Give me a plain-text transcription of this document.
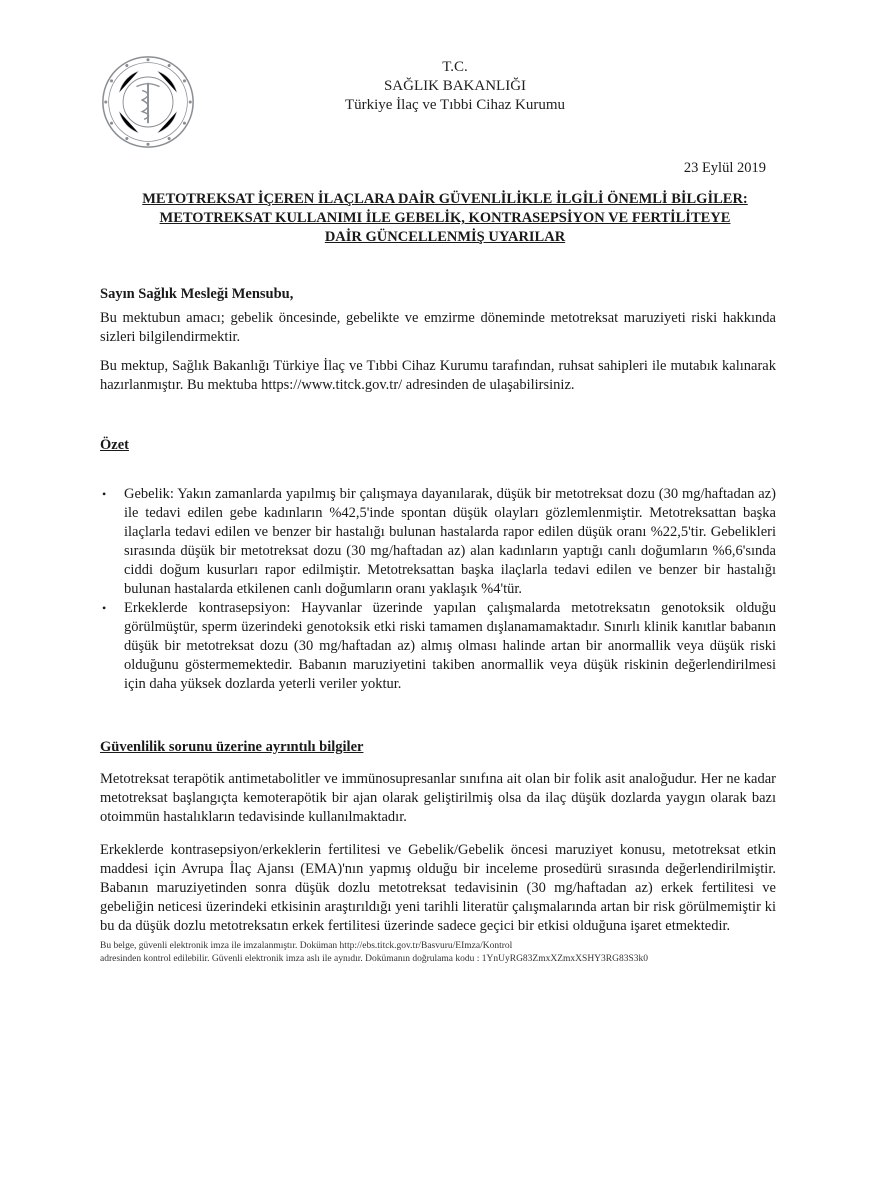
T.C.
SAĞLIK BAKANLIĞI
Türkiye İlaç ve Tıbbi Cihaz Kurumu
23 Eylül 2019
METOTREKSAT İÇEREN İLAÇLARA DAİR GÜVENLİLİKLE İLGİLİ ÖNEMLİ BİLGİLER:
METOTREKSAT KULLANIMI İLE GEBELİK, KONTRASEPSİYON VE FERTİLİTEYE
DAİR GÜNCELLENMİŞ UYARILAR
Sayın Sağlık Mesleği Mensubu,
Bu mektubun amacı; gebelik öncesinde, gebelikte ve emzirme döneminde metotreksat maruziyeti riski hakkında sizleri bilgilendirmektir.
Bu mektup, Sağlık Bakanlığı Türkiye İlaç ve Tıbbi Cihaz Kurumu tarafından, ruhsat sahipleri ile mutabık kalınarak hazırlanmıştır. Bu mektuba https://www.titck.gov.tr/ adresinden de ulaşabilirsiniz.
Özet
• Gebelik: Yakın zamanlarda yapılmış bir çalışmaya dayanılarak, düşük bir metotreksat dozu (30 mg/haftadan az) ile tedavi edilen gebe kadınların %42,5'inde spontan düşük olayları gözlemlenmiştir. Metotreksattan başka ilaçlarla tedavi edilen ve benzer bir hastalığı bulunan hastalarda rapor edilen düşük oranı %22,5'tir. Gebelikleri sırasında düşük bir metotreksat dozu (30 mg/haftadan az) alan kadınların yaptığı canlı doğumların %6,6'sında ciddi doğum kusurları rapor edilmiştir. Metotreksattan başka ilaçlarla tedavi edilen ve benzer bir hastalığı bulunan hastalarda etkilenen canlı doğumların oranı yaklaşık %4'tür.
• Erkeklerde kontrasepsiyon: Hayvanlar üzerinde yapılan çalışmalarda metotreksatın genotoksik olduğu görülmüştür, sperm üzerindeki genotoksik etki riski tamamen dışlanamamaktadır. Sınırlı klinik kanıtlar babanın düşük bir metotreksat dozu (30 mg/haftadan az) almış olması halinde artan bir anormallik veya düşük riski olduğunu göstermemektedir. Babanın maruziyetini takiben anormallik veya düşük riskinin değerlendirilmesi için daha yüksek dozlarda yeterli veriler yoktur.
Güvenlilik sorunu üzerine ayrıntılı bilgiler
Metotreksat terapötik antimetabolitler ve immünosupresanlar sınıfına ait olan bir folik asit analoğudur. Her ne kadar metotreksat başlangıçta kemoterapötik bir ajan olarak geliştirilmiş olsa da ilaç düşük dozlarda yaygın olarak bazı otoimmün hastalıkların tedavisinde kullanılmaktadır.
Erkeklerde kontrasepsiyon/erkeklerin fertilitesi ve Gebelik/Gebelik öncesi maruziyet konusu, metotreksat etkin maddesi için Avrupa İlaç Ajansı (EMA)'nın yapmış olduğu bir inceleme prosedürü sırasında değerlendirilmiştir. Babanın maruziyetinden sonra düşük dozlu metotreksat tedavisinin (30 mg/haftadan az) erkek fertilitesi ve gebeliğin neticesi üzerindeki etkisinin araştırıldığı yeni tarihli literatür çalışmalarında artan bir risk görülmemiştir ki bu da düşük dozlu metotreksatın erkek fertilitesi üzerinde sadece geçici bir etkisi olduğuna işaret etmektedir.
Bu belge, güvenli elektronik imza ile imzalanmıştır. Doküman http://ebs.titck.gov.tr/Basvuru/EImza/Kontrol
adresinden kontrol edilebilir. Güvenli elektronik imza aslı ile aynıdır. Dokümanın doğrulama kodu : 1YnUyRG83ZmxXZmxXSHY3RG83S3k0
